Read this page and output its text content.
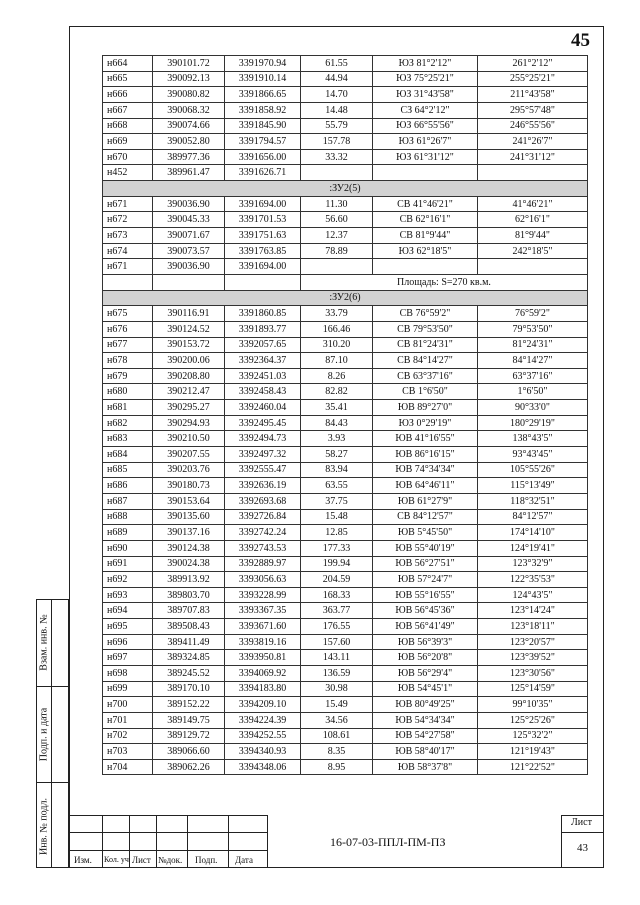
45
н664	390101.72	3391970.94	61.55	ЮЗ 81°2'12"	261°2'12"
н665	390092.13	3391910.14	44.94	ЮЗ 75°25'21"	255°25'21"
н666	390080.82	3391866.65	14.70	ЮЗ 31°43'58"	211°43'58"
н667	390068.32	3391858.92	14.48	СЗ 64°2'12"	295°57'48"
н668	390074.66	3391845.90	55.79	ЮЗ 66°55'56"	246°55'56"
н669	390052.80	3391794.57	157.78	ЮЗ 61°26'7"	241°26'7"
н670	389977.36	3391656.00	33.32	ЮЗ 61°31'12"	241°31'12"
н452	389961.47	3391626.71			
:ЗУ2(5)					
н671	390036.90	3391694.00	11.30	СВ 41°46'21"	41°46'21"
н672	390045.33	3391701.53	56.60	СВ 62°16'1"	62°16'1"
н673	390071.67	3391751.63	12.37	СВ 81°9'44"	81°9'44"
н674	390073.57	3391763.85	78.89	ЮЗ 62°18'5"	242°18'5"
н671	390036.90	3391694.00			
			Площадь: S=270 кв.м.		
:ЗУ2(6)					
н675	390116.91	3391860.85	33.79	СВ 76°59'2"	76°59'2"
н676	390124.52	3391893.77	166.46	СВ 79°53'50"	79°53'50"
н677	390153.72	3392057.65	310.20	СВ 81°24'31"	81°24'31"
н678	390200.06	3392364.37	87.10	СВ 84°14'27"	84°14'27"
н679	390208.80	3392451.03	8.26	СВ 63°37'16"	63°37'16"
н680	390212.47	3392458.43	82.82	СВ 1°6'50"	1°6'50"
н681	390295.27	3392460.04	35.41	ЮВ 89°27'0"	90°33'0"
н682	390294.93	3392495.45	84.43	ЮЗ 0°29'19"	180°29'19"
н683	390210.50	3392494.73	3.93	ЮВ 41°16'55"	138°43'5"
н684	390207.55	3392497.32	58.27	ЮВ 86°16'15"	93°43'45"
н685	390203.76	3392555.47	83.94	ЮВ 74°34'34"	105°55'26"
н686	390180.73	3392636.19	63.55	ЮВ 64°46'11"	115°13'49"
н687	390153.64	3392693.68	37.75	ЮВ 61°27'9"	118°32'51"
н688	390135.60	3392726.84	15.48	СВ 84°12'57"	84°12'57"
н689	390137.16	3392742.24	12.85	ЮВ 5°45'50"	174°14'10"
н690	390124.38	3392743.53	177.33	ЮВ 55°40'19"	124°19'41"
н691	390024.38	3392889.97	199.94	ЮВ 56°27'51"	123°32'9"
н692	389913.92	3393056.63	204.59	ЮВ 57°24'7"	122°35'53"
н693	389803.70	3393228.99	168.33	ЮВ 55°16'55"	124°43'5"
н694	389707.83	3393367.35	363.77	ЮВ 56°45'36"	123°14'24"
н695	389508.43	3393671.60	176.55	ЮВ 56°41'49"	123°18'11"
н696	389411.49	3393819.16	157.60	ЮВ 56°39'3"	123°20'57"
н697	389324.85	3393950.81	143.11	ЮВ 56°20'8"	123°39'52"
н698	389245.52	3394069.92	136.59	ЮВ 56°29'4"	123°30'56"
н699	389170.10	3394183.80	30.98	ЮВ 54°45'1"	125°14'59"
н700	389152.22	3394209.10	15.49	ЮВ 80°49'25"	99°10'35"
н701	389149.75	3394224.39	34.56	ЮВ 54°34'34"	125°25'26"
н702	389129.72	3394252.55	108.61	ЮВ 54°27'58"	125°32'2"
н703	389066.60	3394340.93	8.35	ЮВ 58°40'17"	121°19'43"
н704	389062.26	3394348.06	8.95	ЮВ 58°37'8"	121°22'52"
Взам. инв. №
Подп. и дата
Инв. № подл.
Изм. Кол. уч Лист №док. Подп. Дата
16-07-03-ППЛ-ПМ-ПЗ
Лист
43
